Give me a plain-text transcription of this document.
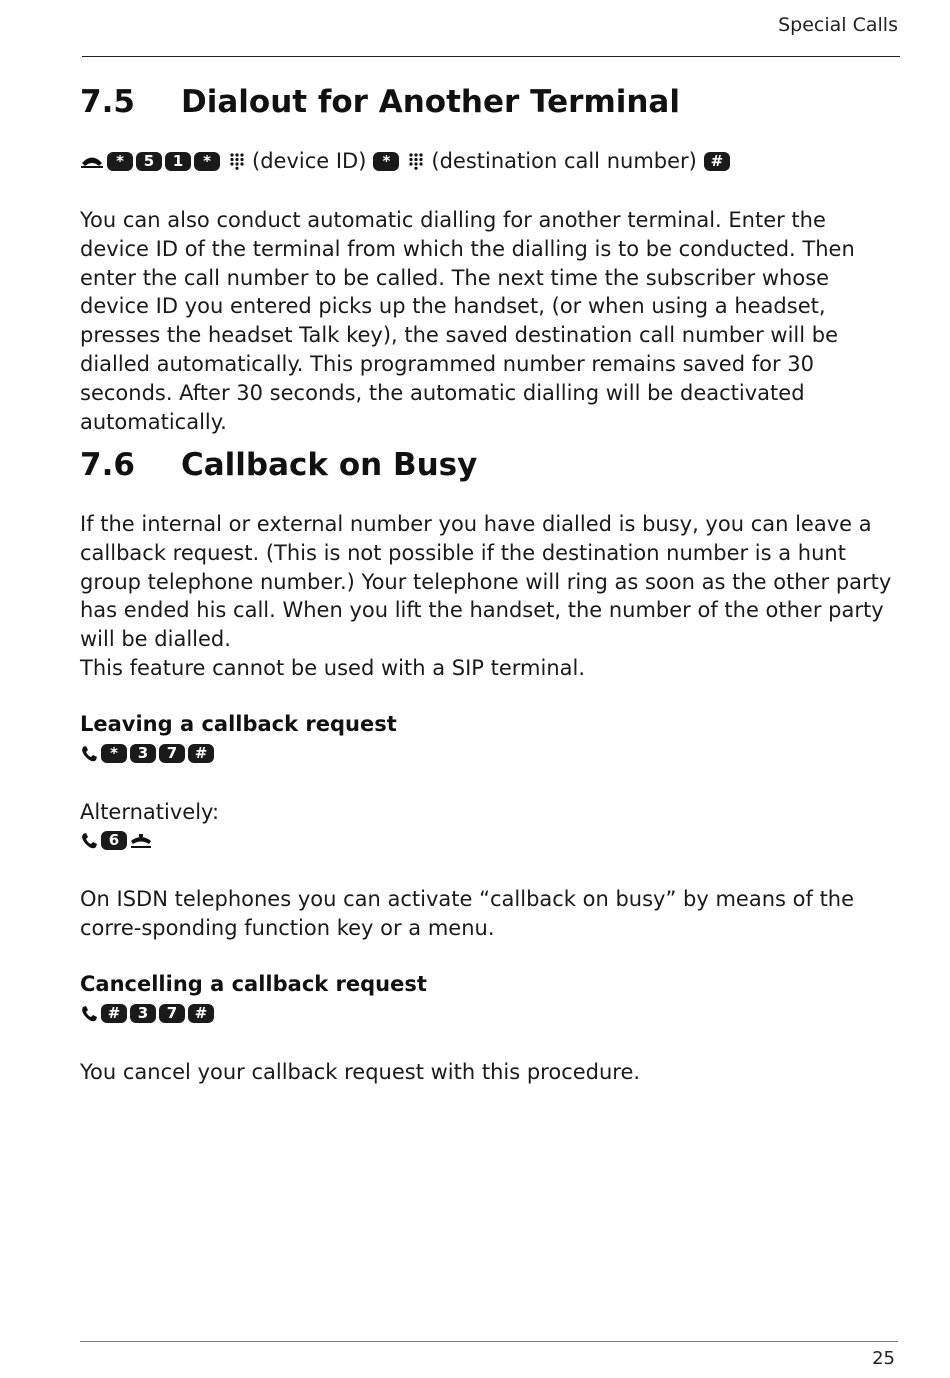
Special Calls
7.5 Dialout for Another Terminal
*	5	1	*	(device ID)	*	(destination call number) #
You can also conduct automatic dialling for another terminal. Enter the device ID of the terminal from which the dialling is to be conducted. Then enter the call number to be called. The next time the subscriber whose device ID you entered picks up the handset, (or when using a headset, presses the headset Talk key), the saved destination call number will be dialled automatically. This programmed number remains saved for 30 seconds. After 30 seconds, the automatic dialling will be deactivated automatically.
7.6 Callback on Busy
If the internal or external number you have dialled is busy, you can leave a callback request. (This is not possible if the destination number is a hunt group telephone number.) Your telephone will ring as soon as the other party has ended his call. When you lift the handset, the number of the other party will be dialled.
This feature cannot be used with a SIP terminal.
Leaving a callback request
*	3	7	#
Alternatively:
6
On ISDN telephones you can activate “callback on busy” by means of the corre-sponding function key or a menu.
Cancelling a callback request
#	3	7	#
You cancel your callback request with this procedure.
25
